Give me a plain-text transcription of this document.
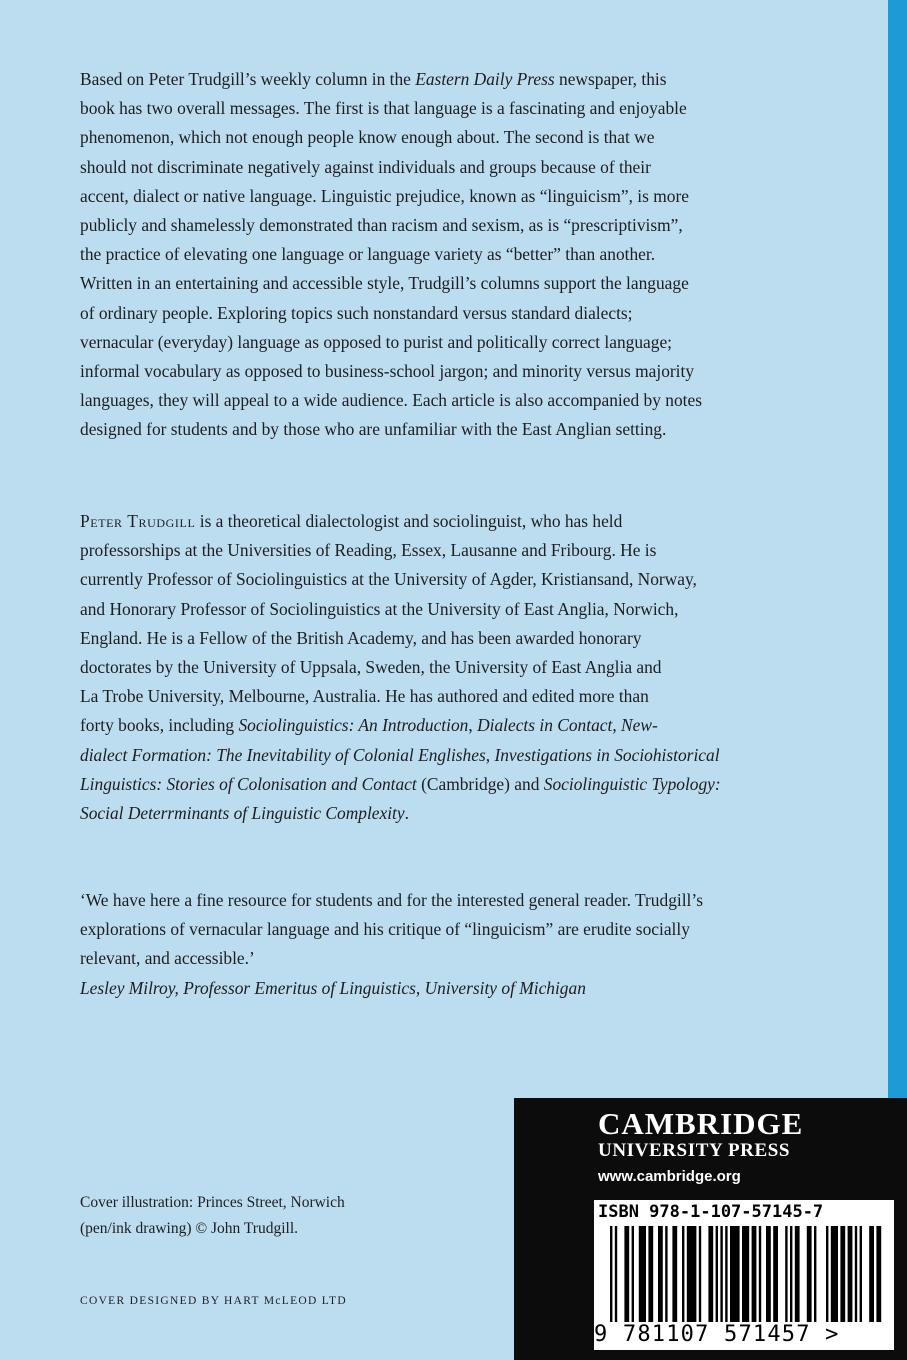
Based on Peter Trudgill’s weekly column in the Eastern Daily Press newspaper, this
book has two overall messages. The first is that language is a fascinating and enjoyable
phenomenon, which not enough people know enough about. The second is that we
should not discriminate negatively against individuals and groups because of their
accent, dialect or native language. Linguistic prejudice, known as “linguicism”, is more
publicly and shamelessly demonstrated than racism and sexism, as is “prescriptivism”,
the practice of elevating one language or language variety as “better” than another.
Written in an entertaining and accessible style, Trudgill’s columns support the language
of ordinary people. Exploring topics such nonstandard versus standard dialects;
vernacular (everyday) language as opposed to purist and politically correct language;
informal vocabulary as opposed to business-school jargon; and minority versus majority
languages, they will appeal to a wide audience. Each article is also accompanied by notes
designed for students and by those who are unfamiliar with the East Anglian setting.
Peter Trudgill is a theoretical dialectologist and sociolinguist, who has held
professorships at the Universities of Reading, Essex, Lausanne and Fribourg. He is
currently Professor of Sociolinguistics at the University of Agder, Kristiansand, Norway,
and Honorary Professor of Sociolinguistics at the University of East Anglia, Norwich,
England. He is a Fellow of the British Academy, and has been awarded honorary
doctorates by the University of Uppsala, Sweden, the University of East Anglia and
La Trobe University, Melbourne, Australia. He has authored and edited more than
forty books, including Sociolinguistics: An Introduction, Dialects in Contact, New-
dialect Formation: The Inevitability of Colonial Englishes, Investigations in Sociohistorical
Linguistics: Stories of Colonisation and Contact (Cambridge) and Sociolinguistic Typology:
Social Deterrminants of Linguistic Complexity.
‘We have here a fine resource for students and for the interested general reader. Trudgill’s
explorations of vernacular language and his critique of “linguicism” are erudite socially
relevant, and accessible.’
Lesley Milroy, Professor Emeritus of Linguistics, University of Michigan
Cover illustration: Princes Street, Norwich
(pen/ink drawing) © John Trudgill.
COVER DESIGNED BY HART McLEOD LTD
CAMBRIDGE
UNIVERSITY PRESS
www.cambridge.org
ISBN 978-1-107-57145-7
9 781107 571457 >
